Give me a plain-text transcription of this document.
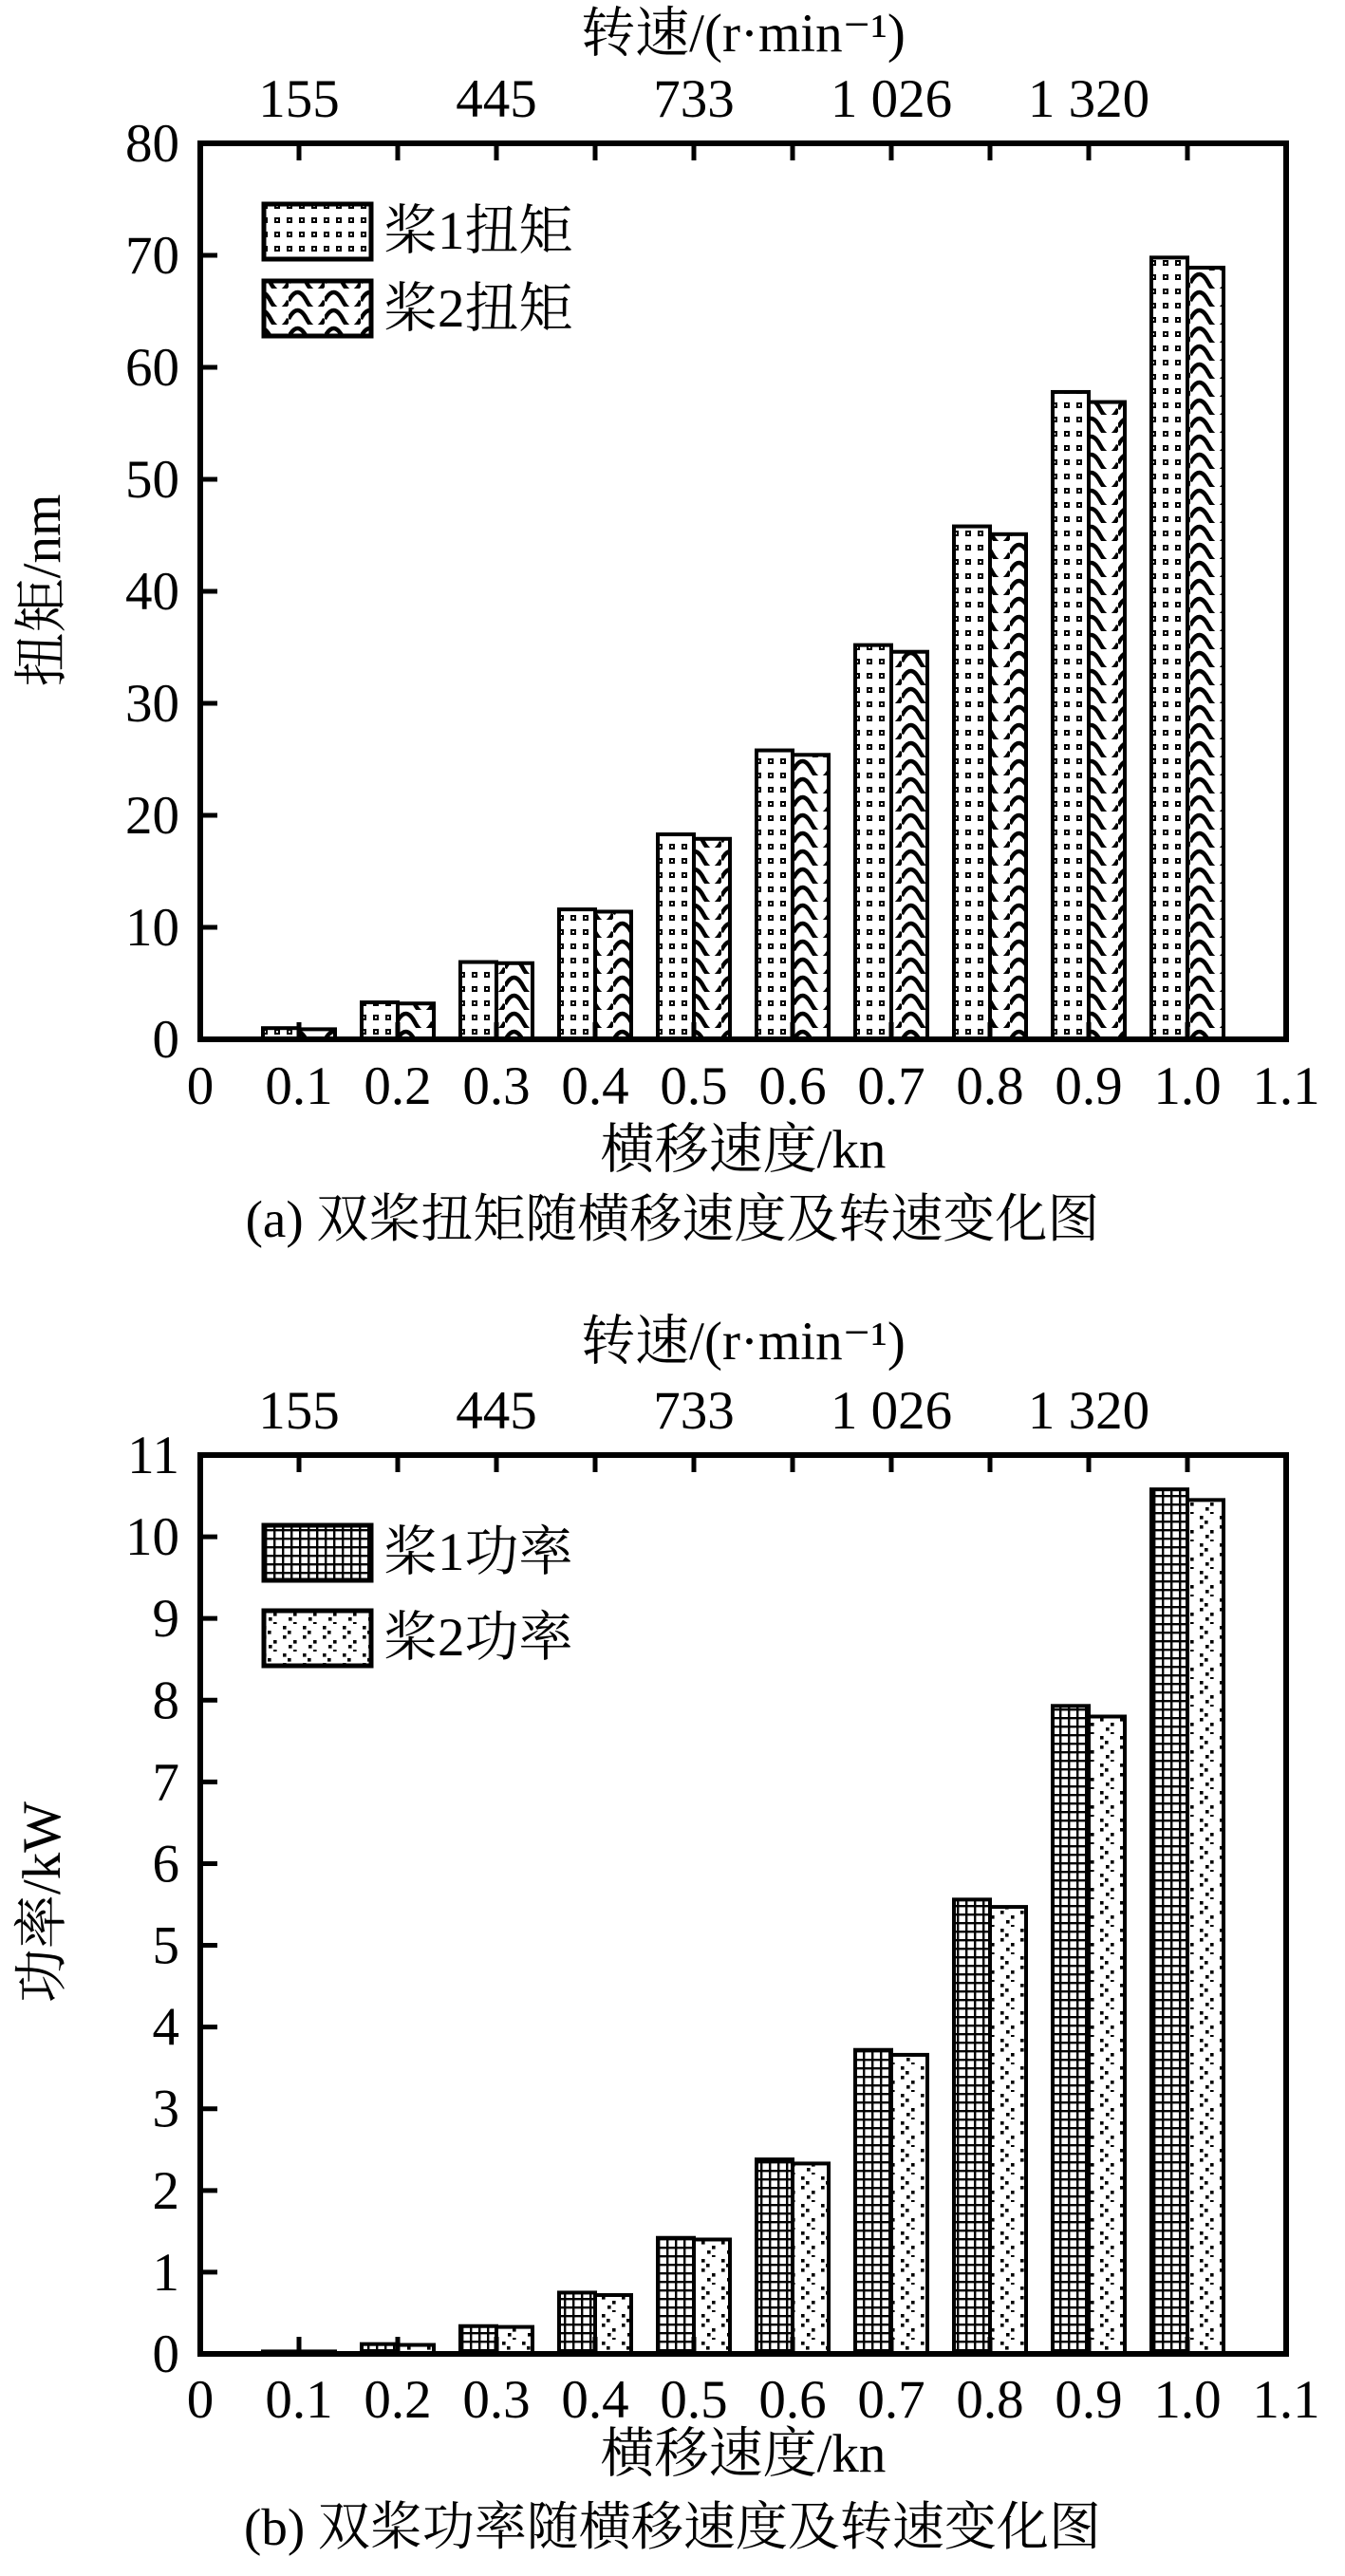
0
10
20
30
40
50
60
70
80
0 0.1 0.2 0.3 0.4 0.5 0.6 0.7 0.8 0.9 1.0 1.1
155 445 733 1 026 1 320
0
1
2
3
4
5
6
7
8
9
10
11
0 0.1 0.2 0.3 0.4 0.5 0.6 0.7 0.8 0.9 1.0 1.1
155 445 733 1 026 1 320
转速/(r·min⁻¹)
扭矩/nm
横移速度/kn
(a) 双桨扭矩随横移速度及转速变化图
桨1扭矩
桨2扭矩
转速/(r·min⁻¹)
功率/kW
横移速度/kn
(b) 双桨功率随横移速度及转速变化图
桨1功率
桨2功率
